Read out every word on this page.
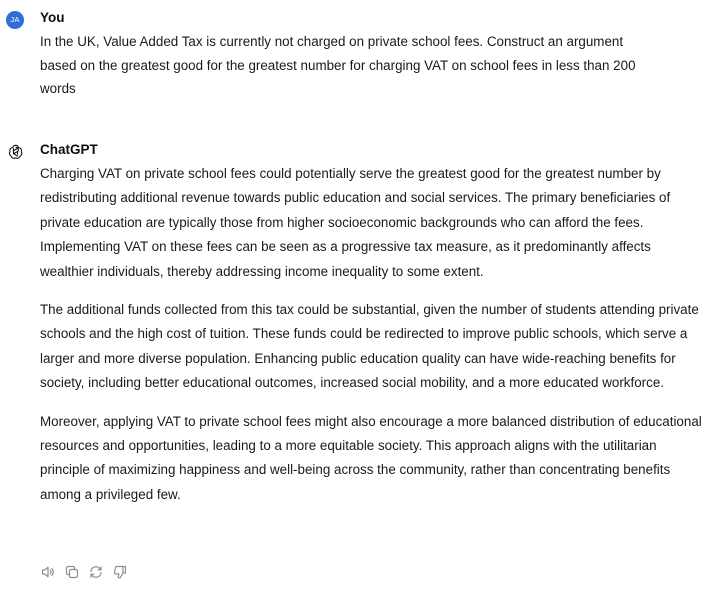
JA	You

In the UK, Value Added Tax is currently not charged on private school fees. Construct an argument based on the greatest good for the greatest number for charging VAT on school fees in less than 200 words

ChatGPT

Charging VAT on private school fees could potentially serve the greatest good for the greatest number by redistributing additional revenue towards public education and social services. The primary beneficiaries of private education are typically those from higher socioeconomic backgrounds who can afford the fees. Implementing VAT on these fees can be seen as a progressive tax measure, as it predominantly affects wealthier individuals, thereby addressing income inequality to some extent.

The additional funds collected from this tax could be substantial, given the number of students attending private schools and the high cost of tuition. These funds could be redirected to improve public schools, which serve a larger and more diverse population. Enhancing public education quality can have wide-reaching benefits for society, including better educational outcomes, increased social mobility, and a more educated workforce.

Moreover, applying VAT to private school fees might also encourage a more balanced distribution of educational resources and opportunities, leading to a more equitable society. This approach aligns with the utilitarian principle of maximizing happiness and well-being across the community, rather than concentrating benefits among a privileged few.
